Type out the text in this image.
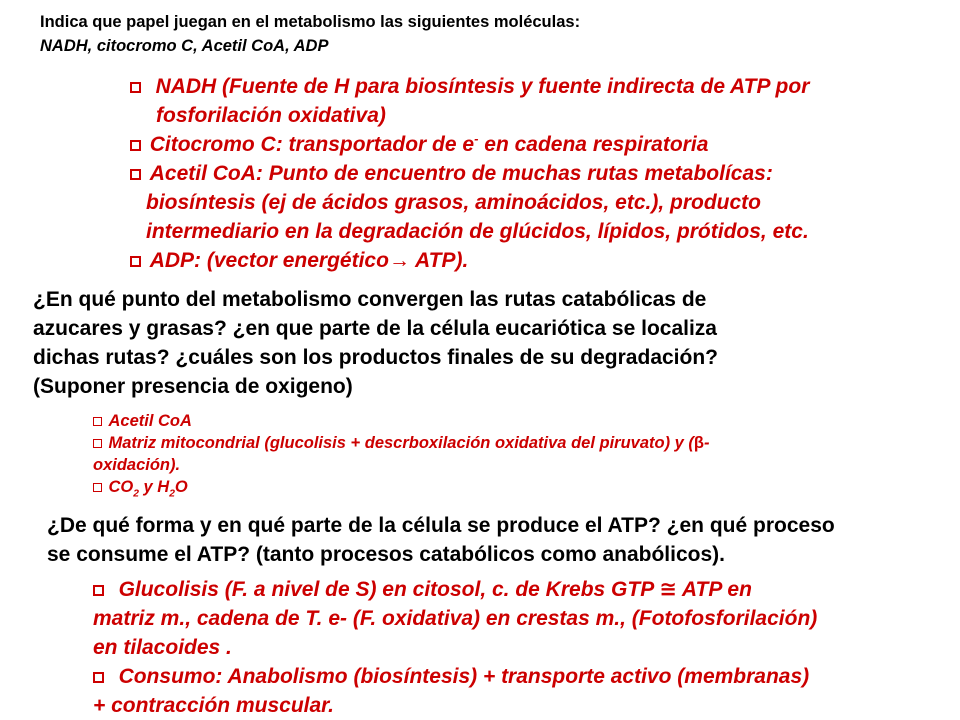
Indica que papel juegan en el metabolismo las siguientes moléculas:
NADH, citocromo C, Acetil CoA, ADP
NADH (Fuente de H para biosíntesis y fuente indirecta de ATP por
fosforilación oxidativa)
Citocromo C: transportador de e- en cadena respiratoria
Acetil CoA: Punto de encuentro de muchas rutas metabolícas:
biosíntesis (ej de ácidos grasos, aminoácidos, etc.), producto
intermediario en la degradación de glúcidos, lípidos, prótidos, etc.
ADP: (vector energético→ ATP).
¿En qué punto del metabolismo convergen las rutas catabólicas de
azucares y grasas? ¿en que parte de la célula eucariótica se localiza
dichas rutas? ¿cuáles son los productos finales de su degradación?
(Suponer presencia de oxigeno)
Acetil CoA
Matriz mitocondrial (glucolisis + descrboxilación oxidativa del piruvato) y (β-
oxidación).
$CO_2$ y $H_2O$
¿De qué forma y en qué parte de la célula se produce el ATP? ¿en qué proceso
se consume el ATP? (tanto procesos catabólicos como anabólicos).
Glucolisis (F. a nivel de S) en citosol, c. de Krebs GTP ≅ ATP en
matriz m., cadena de T. e- (F. oxidativa) en crestas m., (Fotofosforilación)
en tilacoides .
Consumo: Anabolismo (biosíntesis) + transporte activo (membranas)
+ contracción muscular.
